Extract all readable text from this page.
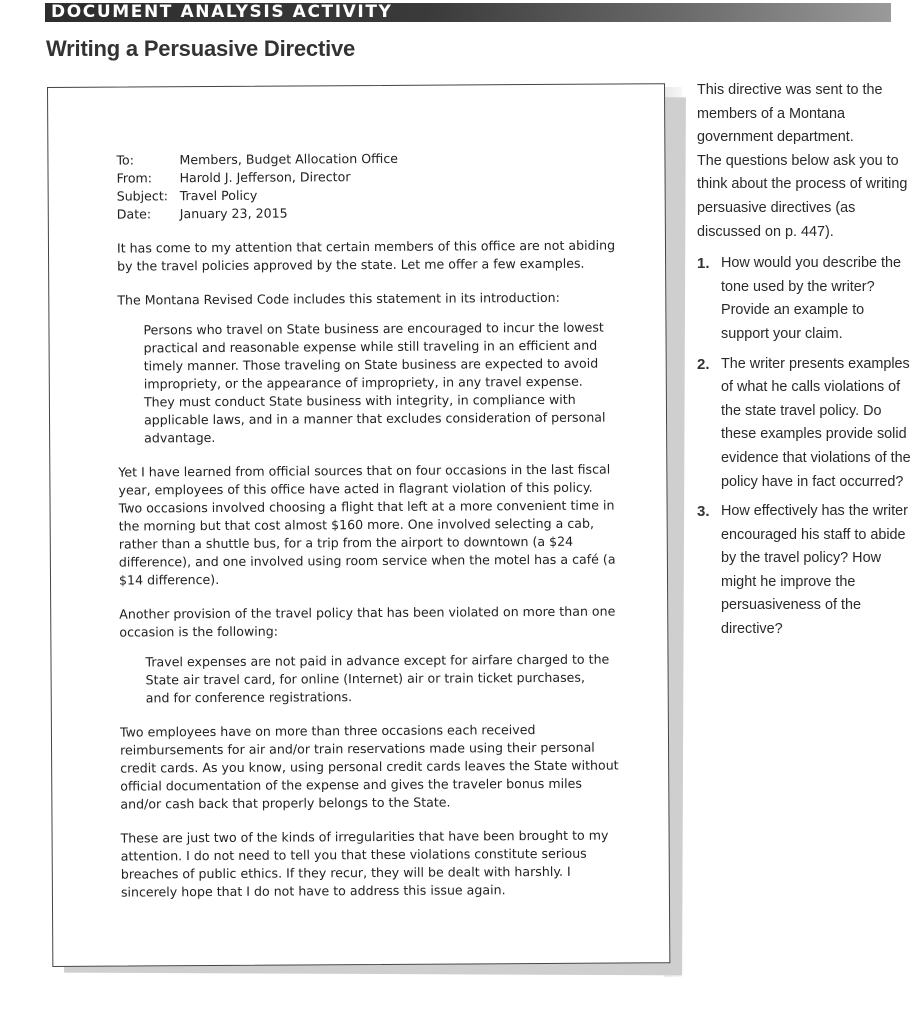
DOCUMENT ANALYSIS ACTIVITY
Writing a Persuasive Directive
To:	Members, Budget Allocation Office
From:	Harold J. Jefferson, Director
Subject: Travel Policy
Date:	January 23, 2015

It has come to my attention that certain members of this office are not abiding by the travel policies approved by the state. Let me offer a few examples.

The Montana Revised Code includes this statement in its introduction:

Persons who travel on State business are encouraged to incur the lowest practical and reasonable expense while still traveling in an efficient and timely manner. Those traveling on State business are expected to avoid impropriety, or the appearance of impropriety, in any travel expense. They must conduct State business with integrity, in compliance with applicable laws, and in a manner that excludes consideration of personal advantage.

Yet I have learned from official sources that on four occasions in the last fiscal year, employees of this office have acted in flagrant violation of this policy. Two occasions involved choosing a flight that left at a more convenient time in the morning but that cost almost $160 more. One involved selecting a cab, rather than a shuttle bus, for a trip from the airport to downtown (a $24 difference), and one involved using room service when the motel has a café (a $14 difference).

Another provision of the travel policy that has been violated on more than one occasion is the following:

Travel expenses are not paid in advance except for airfare charged to the State air travel card, for online (Internet) air or train ticket purchases, and for conference registrations.

Two employees have on more than three occasions each received reimbursements for air and/or train reservations made using their personal credit cards. As you know, using personal credit cards leaves the State without official documentation of the expense and gives the traveler bonus miles and/or cash back that properly belongs to the State.

These are just two of the kinds of irregularities that have been brought to my attention. I do not need to tell you that these violations constitute serious breaches of public ethics. If they recur, they will be dealt with harshly. I sincerely hope that I do not have to address this issue again.

This directive was sent to the members of a Montana government department.

The questions below ask you to think about the process of writing persuasive directives (as discussed on p. 447).

1. How would you describe the tone used by the writer? Provide an example to support your claim.
2. The writer presents examples of what he calls violations of the state travel policy. Do these examples provide solid evidence that violations of the policy have in fact occurred?
3. How effectively has the writer encouraged his staff to abide by the travel policy? How might he improve the persuasiveness of the directive?
